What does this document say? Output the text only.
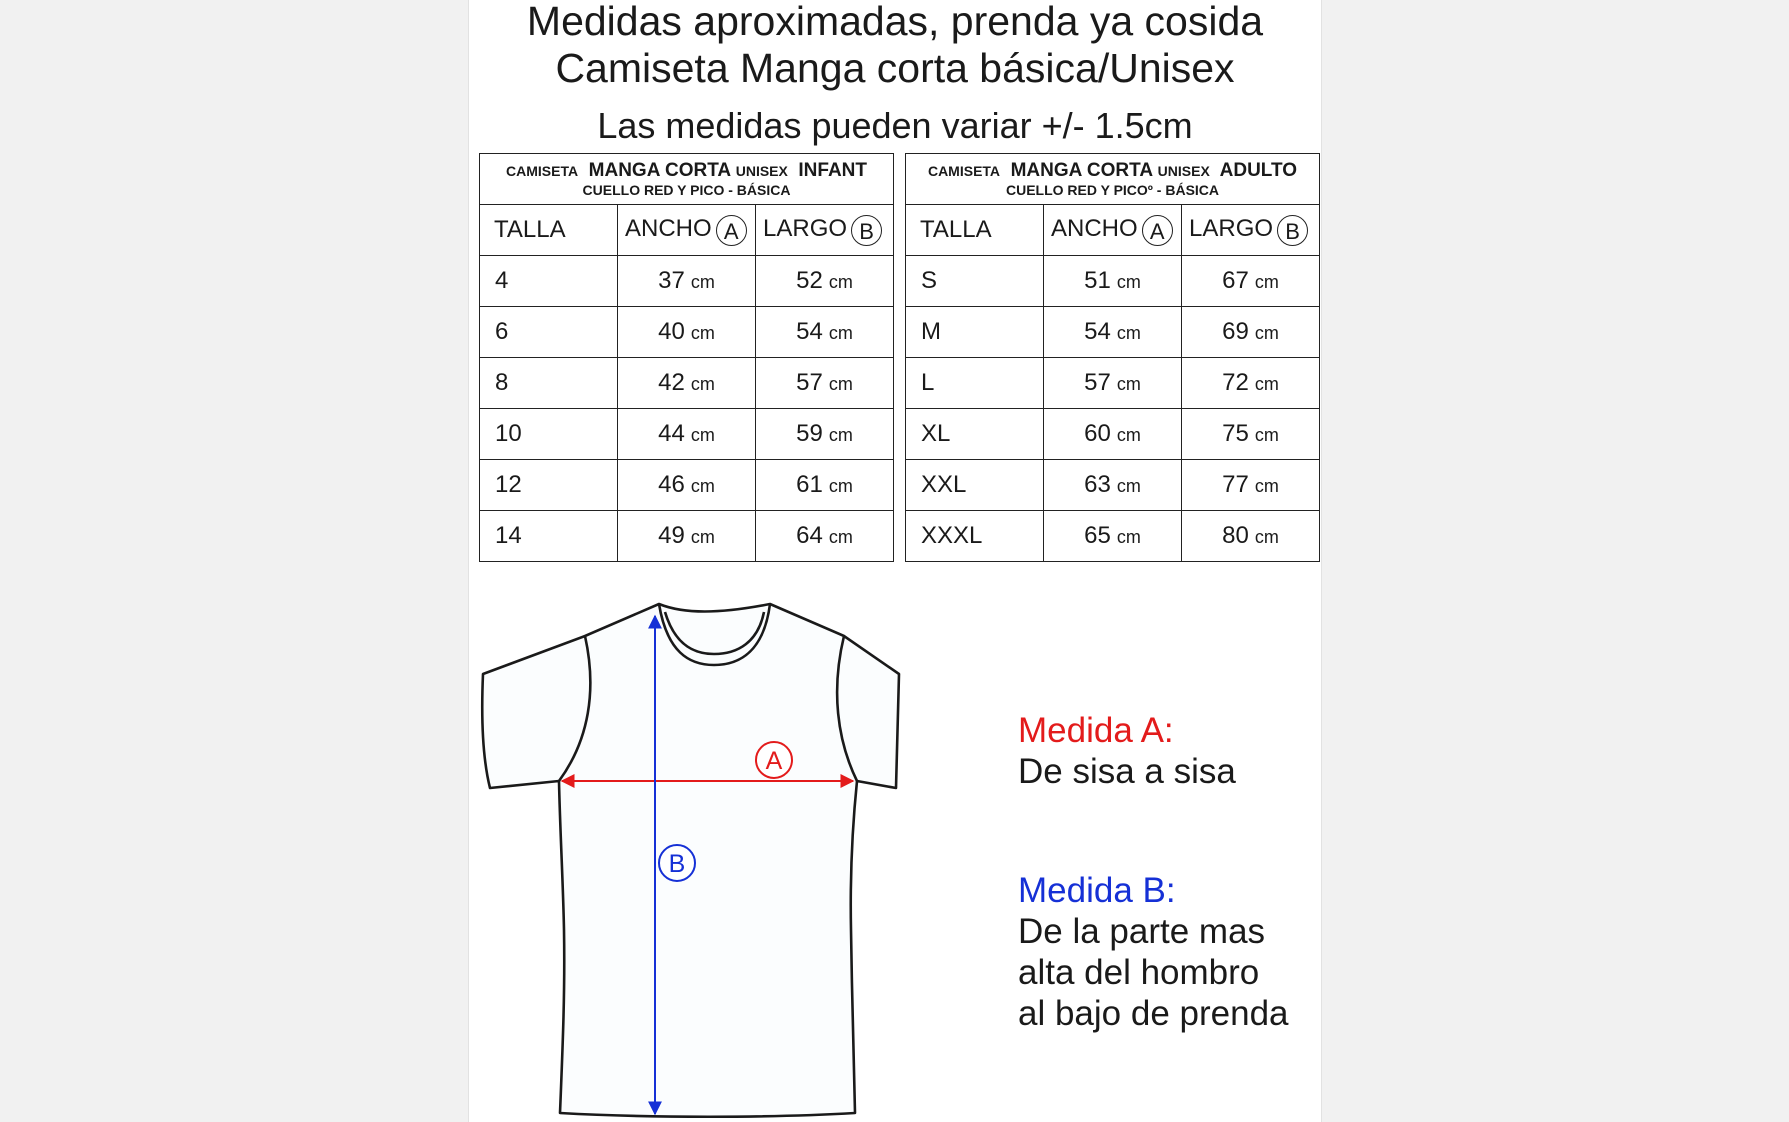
Medidas aproximadas, prenda ya cosida
Camiseta Manga corta básica/Unisex
Las medidas pueden variar +/- 1.5cm
CAMISETA MANGA CORTA UNISEX INFANT
CUELLO RED Y PICO - BÁSICA		

TALLA	ANCHO A	LARGO B
4	37 cm	52 cm
6	40 cm	54 cm
8	42 cm	57 cm
10	44 cm	59 cm
12	46 cm	61 cm
14	49 cm	64 cm
CAMISETA MANGA CORTA UNISEX ADULTO
CUELLO RED Y PICOº - BÁSICA		

TALLA	ANCHO A	LARGO B
S	51 cm	67 cm
M	54 cm	69 cm
L	57 cm	72 cm
XL	60 cm	75 cm
XXL	63 cm	77 cm
XXXL	65 cm	80 cm
A
B
Medida A:
De sisa a sisa
Medida B:
De la parte mas
alta del hombro
al bajo de prenda
